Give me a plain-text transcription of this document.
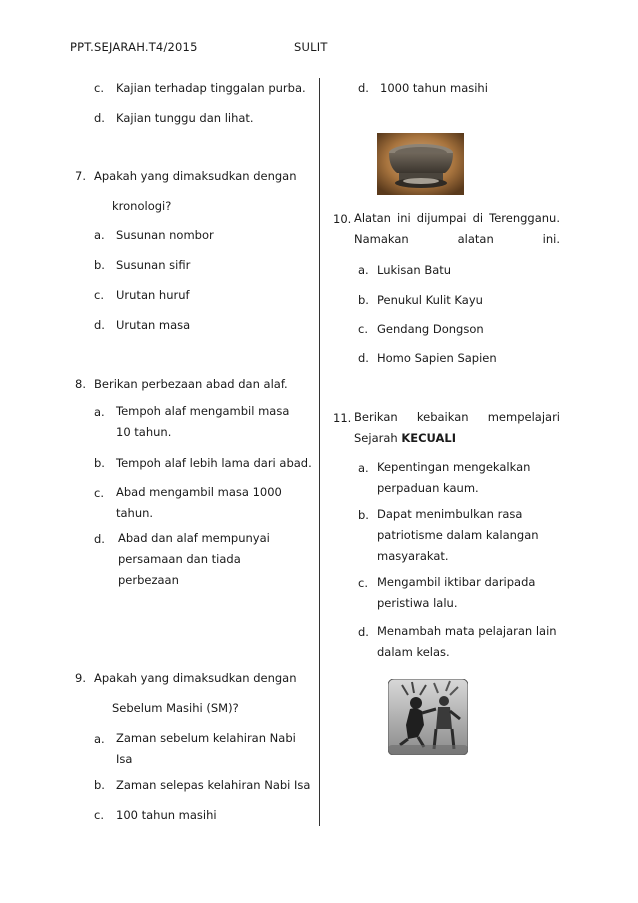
PPT.SEJARAH.T4/2015	SULIT
c. Kajian terhadap tinggalan purba.
d. Kajian tunggu dan lihat.
7. Apakah yang dimaksudkan dengan
kronologi?
a. Susunan nombor
b. Susunan sifir
c. Urutan huruf
d. Urutan masa
8. Berikan perbezaan abad dan alaf.
a. Tempoh alaf mengambil masa 10 tahun.
b. Tempoh alaf lebih lama dari abad.
c. Abad mengambil masa 1000 tahun.
d. Abad dan alaf mempunyai persamaan dan tiada perbezaan
9. Apakah yang dimaksudkan dengan
Sebelum Masihi (SM)?
a. Zaman sebelum kelahiran Nabi Isa
b. Zaman selepas kelahiran Nabi Isa
c. 100 tahun masihi
d. 1000 tahun masihi
10. Alatan ini dijumpai di Terengganu. Namakan alatan ini.
a. Lukisan Batu
b. Penukul Kulit Kayu
c. Gendang Dongson
d. Homo Sapien Sapien
11. Berikan kebaikan mempelajari Sejarah KECUALI
a. Kepentingan mengekalkan perpaduan kaum.
b. Dapat menimbulkan rasa patriotisme dalam kalangan masyarakat.
c. Mengambil iktibar daripada peristiwa lalu.
d. Menambah mata pelajaran lain dalam kelas.
